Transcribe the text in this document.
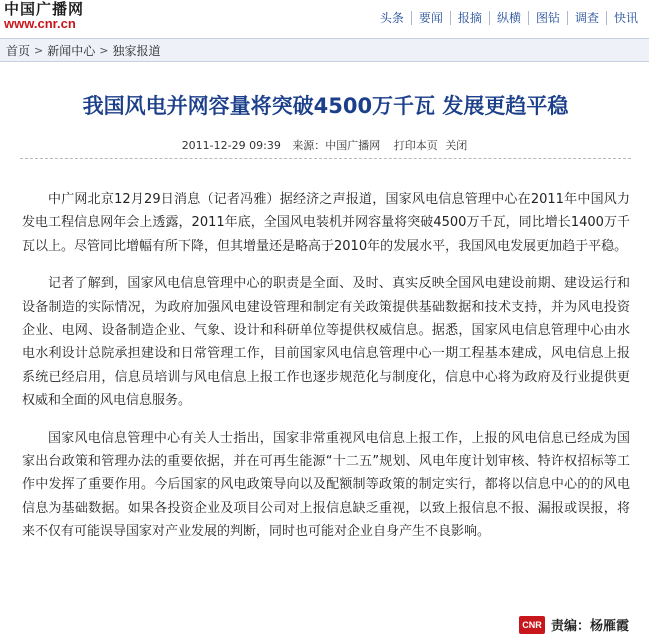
中国广播网
www.cnr.cn	头条	要闻	报摘	纵横	图钻	调查	快讯
首页 > 新闻中心 > 独家报道
我国风电并网容量将突破4500万千瓦 发展更趋平稳
2011-12-29 09:39 来源：中国广播网 打印本页 关闭

中广网北京12月29日消息（记者冯雅）据经济之声报道，国家风电信息管理中心在2011年中国风力发电工程信息网年会上透露，2011年底，全国风电装机并网容量将突破4500万千瓦，同比增长1400万千瓦以上。尽管同比增幅有所下降，但其增量还是略高于2010年的发展水平，我国风电发展更加趋于平稳。

记者了解到，国家风电信息管理中心的职责是全面、及时、真实反映全国风电建设前期、建设运行和设备制造的实际情况，为政府加强风电建设管理和制定有关政策提供基础数据和技术支持，并为风电投资企业、电网、设备制造企业、气象、设计和科研单位等提供权威信息。据悉，国家风电信息管理中心由水电水利设计总院承担建设和日常管理工作，目前国家风电信息管理中心一期工程基本建成，风电信息上报系统已经启用，信息员培训与风电信息上报工作也逐步规范化与制度化，信息中心将为政府及行业提供更权威和全面的风电信息服务。

国家风电信息管理中心有关人士指出，国家非常重视风电信息上报工作，上报的风电信息已经成为国家出台政策和管理办法的重要依据，并在可再生能源“十二五”规划、风电年度计划审核、特许权招标等工作中发挥了重要作用。今后国家的风电政策导向以及配额制等政策的制定实行，都将以信息中心的的风电信息为基础数据。如果各投资企业及项目公司对上报信息缺乏重视，以致上报信息不报、漏报或误报，将来不仅有可能误导国家对产业发展的判断，同时也可能对企业自身产生不良影响。

CNR 责编：杨雁霞
